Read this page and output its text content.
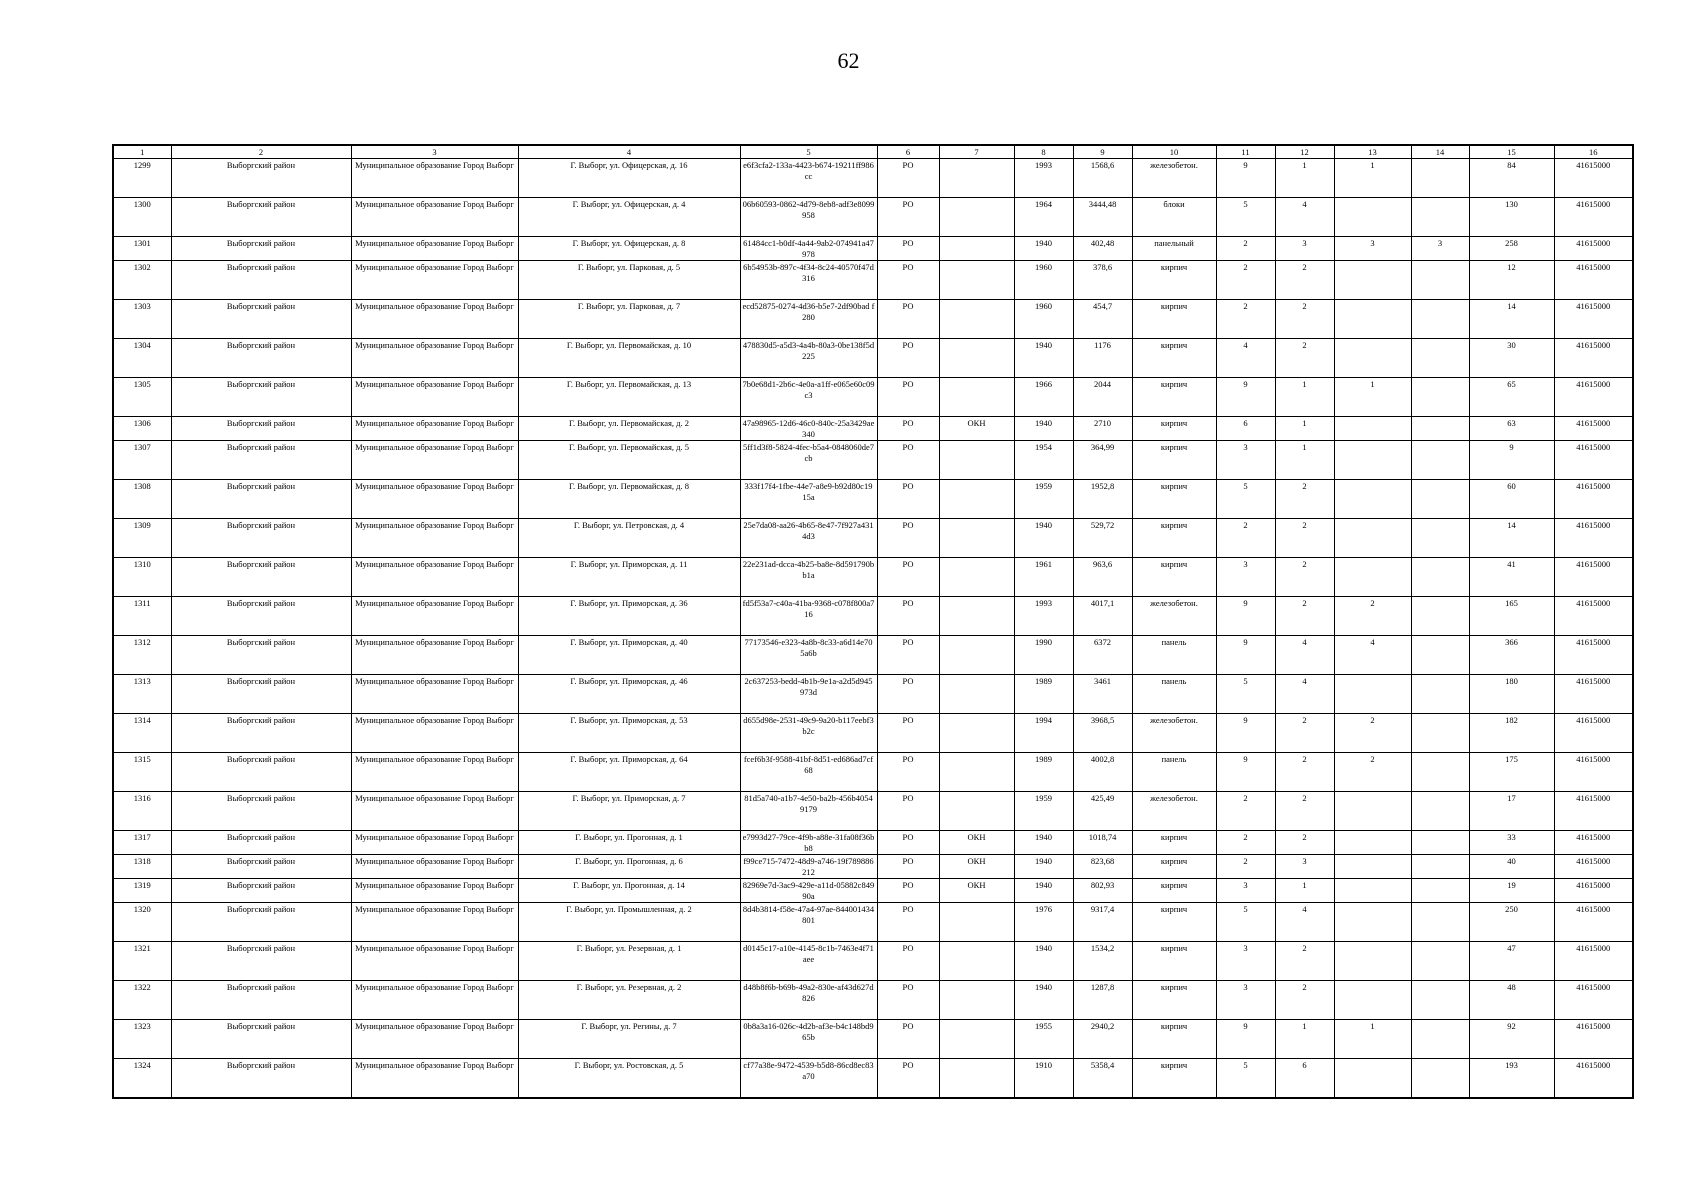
62
1	2	3	4	5	6	7	8	9	10	11	12	13	14	15	16
1299	Выборгский район	Муниципальное образование Город Выборг	Г. Выборг, ул. Офицерская, д. 16	e6f3cfa2-133a-4423-b674-19211ff986cc	РО		1993	1568,6	железобетон.	9	1	1		84	41615000
1300	Выборгский район	Муниципальное образование Город Выборг	Г. Выборг, ул. Офицерская, д. 4	06b60593-0862-4d79-8eb8-adf3e8099958	РО		1964	3444,48	блоки	5	4			130	41615000
1301	Выборгский район	Муниципальное образование Город Выборг	Г. Выборг, ул. Офицерская, д. 8	61484cc1-b0df-4a44-9ab2-074941a47978	РО		1940	402,48	панельный	2	3	3	3	258	41615000
1302	Выборгский район	Муниципальное образование Город Выборг	Г. Выборг, ул. Парковая, д. 5	6b54953b-897c-4f34-8c24-40570f47d316	РО		1960	378,6	кирпич	2	2			12	41615000
1303	Выборгский район	Муниципальное образование Город Выборг	Г. Выборг, ул. Парковая, д. 7	ecd52875-0274-4d36-b5e7-2df90bad f280	РО		1960	454,7	кирпич	2	2			14	41615000
1304	Выборгский район	Муниципальное образование Город Выборг	Г. Выборг, ул. Первомайская, д. 10	478830d5-a5d3-4a4b-80a3-0be138f5d225	РО		1940	1176	кирпич	4	2			30	41615000
1305	Выборгский район	Муниципальное образование Город Выборг	Г. Выборг, ул. Первомайская, д. 13	7b0e68d1-2b6c-4e0a-a1ff-e065e60c09c3	РО		1966	2044	кирпич	9	1	1		65	41615000
1306	Выборгский район	Муниципальное образование Город Выборг	Г. Выборг, ул. Первомайская, д. 2	47a98965-12d6-46c0-840c-25a3429ae340	РО	ОКН	1940	2710	кирпич	6	1			63	41615000
1307	Выборгский район	Муниципальное образование Город Выборг	Г. Выборг, ул. Первомайская, д. 5	5ff1d3f8-5824-4fec-b5a4-0848060de7cb	РО		1954	364,99	кирпич	3	1			9	41615000
1308	Выборгский район	Муниципальное образование Город Выборг	Г. Выборг, ул. Первомайская, д. 8	333f17f4-1fbe-44e7-a8e9-b92d80c1915a	РО		1959	1952,8	кирпич	5	2			60	41615000
1309	Выборгский район	Муниципальное образование Город Выборг	Г. Выборг, ул. Петровская, д. 4	25e7da08-aa26-4b65-8e47-7f927a4314d3	РО		1940	529,72	кирпич	2	2			14	41615000
1310	Выборгский район	Муниципальное образование Город Выборг	Г. Выборг, ул. Приморская, д. 11	22e231ad-dcca-4b25-ba8e-8d591790bb1a	РО		1961	963,6	кирпич	3	2			41	41615000
1311	Выборгский район	Муниципальное образование Город Выборг	Г. Выборг, ул. Приморская, д. 36	fd5f53a7-c40a-41ba-9368-c078f800a716	РО		1993	4017,1	железобетон.	9	2	2		165	41615000
1312	Выборгский район	Муниципальное образование Город Выборг	Г. Выборг, ул. Приморская, д. 40	77173546-e323-4a8b-8c33-a6d14e705a6b	РО		1990	6372	панель	9	4	4		366	41615000
1313	Выборгский район	Муниципальное образование Город Выборг	Г. Выборг, ул. Приморская, д. 46	2c637253-bedd-4b1b-9e1a-a2d5d945973d	РО		1989	3461	панель	5	4			180	41615000
1314	Выборгский район	Муниципальное образование Город Выборг	Г. Выборг, ул. Приморская, д. 53	d655d98e-2531-49c9-9a20-b117eebf3b2c	РО		1994	3968,5	железобетон.	9	2	2		182	41615000
1315	Выборгский район	Муниципальное образование Город Выборг	Г. Выборг, ул. Приморская, д. 64	fcef6b3f-9588-41bf-8d51-ed686ad7cf68	РО		1989	4002,8	панель	9	2	2		175	41615000
1316	Выборгский район	Муниципальное образование Город Выборг	Г. Выборг, ул. Приморская, д. 7	81d5a740-a1b7-4e50-ba2b-456b40549179	РО		1959	425,49	железобетон.	2	2			17	41615000
1317	Выборгский район	Муниципальное образование Город Выборг	Г. Выборг, ул. Прогонная, д. 1	e7993d27-79ce-4f9b-a88e-31fa08f36bb8	РО	ОКН	1940	1018,74	кирпич	2	2			33	41615000
1318	Выборгский район	Муниципальное образование Город Выборг	Г. Выборг, ул. Прогонная, д. 6	f99ce715-7472-48d9-a746-19f789886212	РО	ОКН	1940	823,68	кирпич	2	3			40	41615000
1319	Выборгский район	Муниципальное образование Город Выборг	Г. Выборг, ул. Прогонная, д. 14	82969e7d-3ac9-429e-a11d-05882c84990a	РО	ОКН	1940	802,93	кирпич	3	1			19	41615000
1320	Выборгский район	Муниципальное образование Город Выборг	Г. Выборг, ул. Промышленная, д. 2	8d4b3814-f58e-47a4-97ae-844001434801	РО		1976	9317,4	кирпич	5	4			250	41615000
1321	Выборгский район	Муниципальное образование Город Выборг	Г. Выборг, ул. Резервная, д. 1	d0145c17-a10e-4145-8c1b-7463e4f71aee	РО		1940	1534,2	кирпич	3	2			47	41615000
1322	Выборгский район	Муниципальное образование Город Выборг	Г. Выборг, ул. Резервная, д. 2	d48b8f6b-b69b-49a2-830e-af43d627d826	РО		1940	1287,8	кирпич	3	2			48	41615000
1323	Выборгский район	Муниципальное образование Город Выборг	Г. Выборг, ул. Регины, д. 7	0b8a3a16-026c-4d2b-af3e-b4c148bd965b	РО		1955	2940,2	кирпич	9	1	1		92	41615000
1324	Выборгский район	Муниципальное образование Город Выборг	Г. Выборг, ул. Ростовская, д. 5	cf77a38e-9472-4539-b5d8-86cd8ec83a70	РО		1910	5358,4	кирпич	5	6			193	41615000
